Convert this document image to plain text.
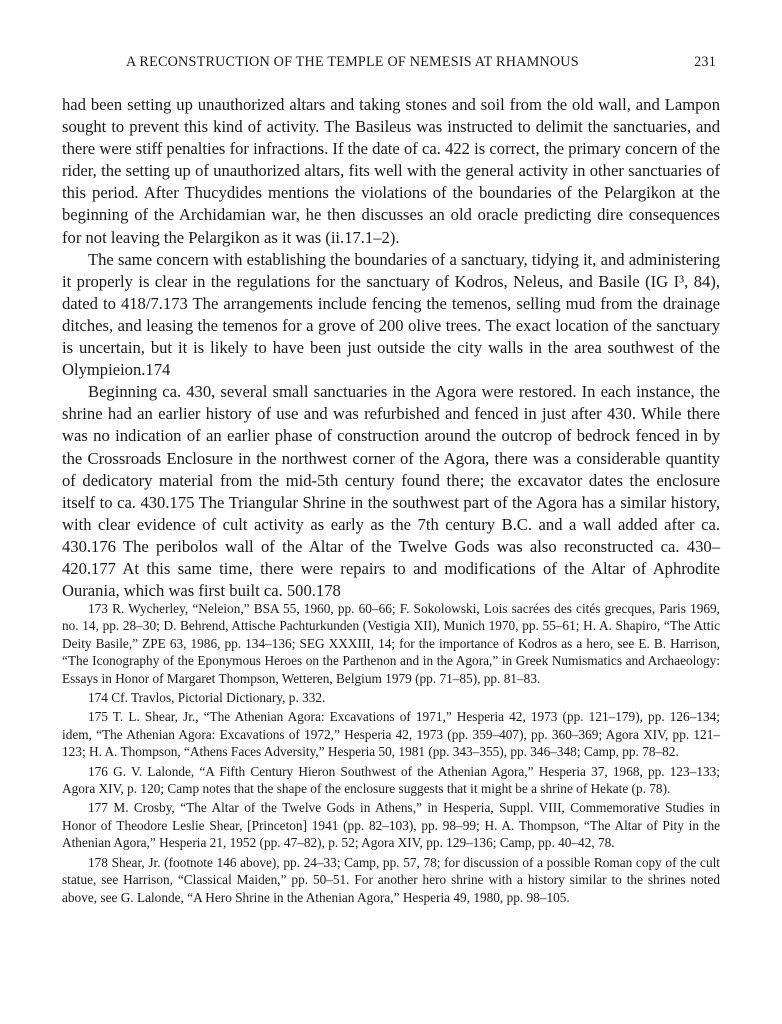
A RECONSTRUCTION OF THE TEMPLE OF NEMESIS AT RHAMNOUS	231

had been setting up unauthorized altars and taking stones and soil from the old wall, and Lampon sought to prevent this kind of activity. The Basileus was instructed to delimit the sanctuaries, and there were stiff penalties for infractions. If the date of ca. 422 is correct, the primary concern of the rider, the setting up of unauthorized altars, fits well with the general activity in other sanctuaries of this period. After Thucydides mentions the violations of the boundaries of the Pelargikon at the beginning of the Archidamian war, he then discusses an old oracle predicting dire consequences for not leaving the Pelargikon as it was (ii.17.1–2).

The same concern with establishing the boundaries of a sanctuary, tidying it, and administering it properly is clear in the regulations for the sanctuary of Kodros, Neleus, and Basile (IG I³, 84), dated to 418/7.173 The arrangements include fencing the temenos, selling mud from the drainage ditches, and leasing the temenos for a grove of 200 olive trees. The exact location of the sanctuary is uncertain, but it is likely to have been just outside the city walls in the area southwest of the Olympieion.174

Beginning ca. 430, several small sanctuaries in the Agora were restored. In each instance, the shrine had an earlier history of use and was refurbished and fenced in just after 430. While there was no indication of an earlier phase of construction around the outcrop of bedrock fenced in by the Crossroads Enclosure in the northwest corner of the Agora, there was a considerable quantity of dedicatory material from the mid-5th century found there; the excavator dates the enclosure itself to ca. 430.175 The Triangular Shrine in the southwest part of the Agora has a similar history, with clear evidence of cult activity as early as the 7th century B.C. and a wall added after ca. 430.176 The peribolos wall of the Altar of the Twelve Gods was also reconstructed ca. 430–420.177 At this same time, there were repairs to and modifications of the Altar of Aphrodite Ourania, which was first built ca. 500.178

173 R. Wycherley, “Neleion,” BSA 55, 1960, pp. 60–66; F. Sokolowski, Lois sacrées des cités grecques, Paris 1969, no. 14, pp. 28–30; D. Behrend, Attische Pachturkunden (Vestigia XII), Munich 1970, pp. 55–61; H. A. Shapiro, “The Attic Deity Basile,” ZPE 63, 1986, pp. 134–136; SEG XXXIII, 14; for the importance of Kodros as a hero, see E. B. Harrison, “The Iconography of the Eponymous Heroes on the Parthenon and in the Agora,” in Greek Numismatics and Archaeology: Essays in Honor of Margaret Thompson, Wetteren, Belgium 1979 (pp. 71–85), pp. 81–83.

174 Cf. Travlos, Pictorial Dictionary, p. 332.

175 T. L. Shear, Jr., “The Athenian Agora: Excavations of 1971,” Hesperia 42, 1973 (pp. 121–179), pp. 126–134; idem, “The Athenian Agora: Excavations of 1972,” Hesperia 42, 1973 (pp. 359–407), pp. 360–369; Agora XIV, pp. 121–123; H. A. Thompson, “Athens Faces Adversity,” Hesperia 50, 1981 (pp. 343–355), pp. 346–348; Camp, pp. 78–82.

176 G. V. Lalonde, “A Fifth Century Hieron Southwest of the Athenian Agora,” Hesperia 37, 1968, pp. 123–133; Agora XIV, p. 120; Camp notes that the shape of the enclosure suggests that it might be a shrine of Hekate (p. 78).

177 M. Crosby, “The Altar of the Twelve Gods in Athens,” in Hesperia, Suppl. VIII, Commemorative Studies in Honor of Theodore Leslie Shear, [Princeton] 1941 (pp. 82–103), pp. 98–99; H. A. Thompson, “The Altar of Pity in the Athenian Agora,” Hesperia 21, 1952 (pp. 47–82), p. 52; Agora XIV, pp. 129–136; Camp, pp. 40–42, 78.

178 Shear, Jr. (footnote 146 above), pp. 24–33; Camp, pp. 57, 78; for discussion of a possible Roman copy of the cult statue, see Harrison, “Classical Maiden,” pp. 50–51. For another hero shrine with a history similar to the shrines noted above, see G. Lalonde, “A Hero Shrine in the Athenian Agora,” Hesperia 49, 1980, pp. 98–105.
